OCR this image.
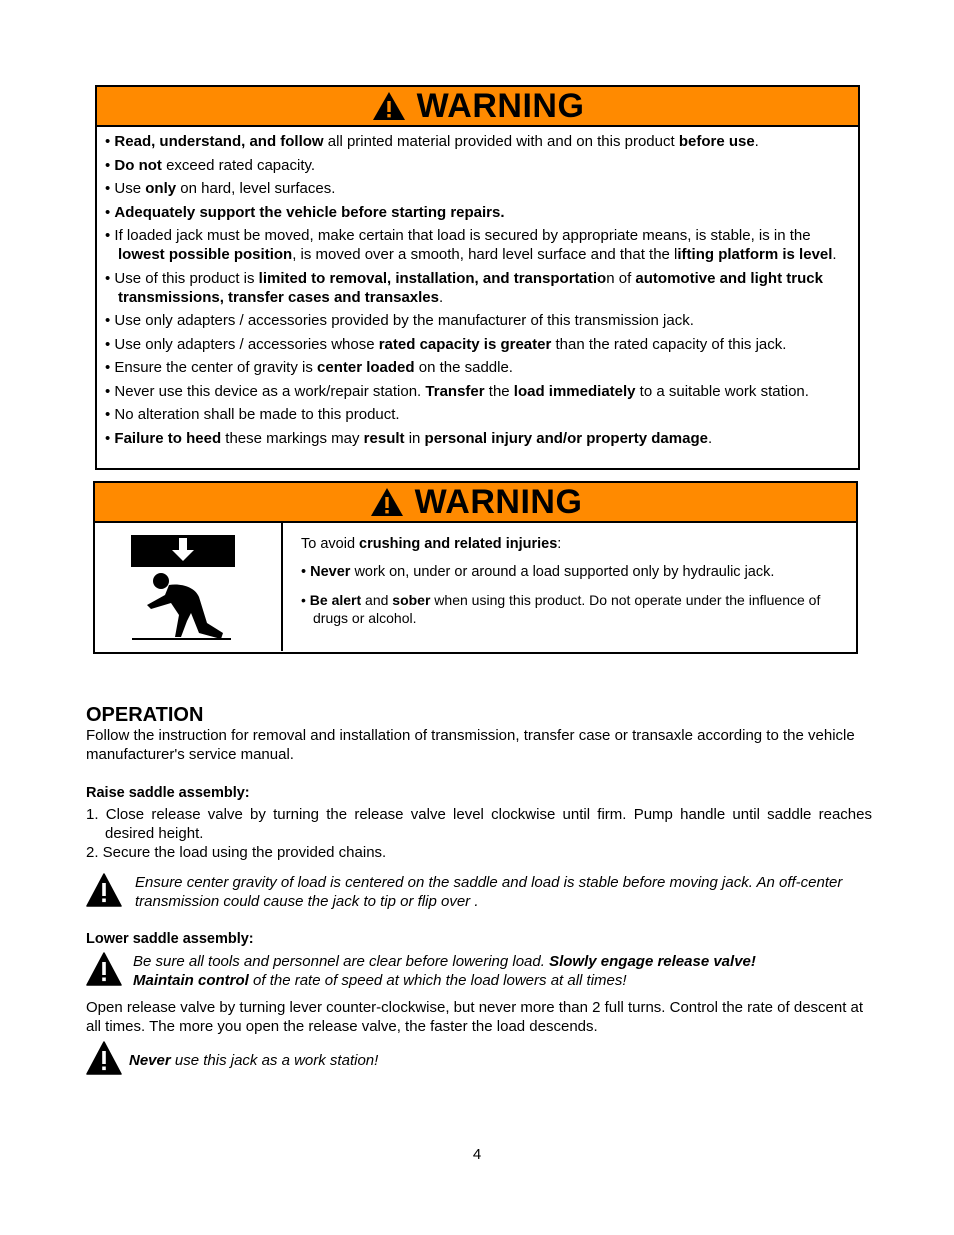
WARNING
• Read, understand, and follow all printed material provided with and on this product before use.
• Do not exceed rated capacity.
• Use only on hard, level surfaces.
• Adequately support the vehicle before starting repairs.
• If loaded jack must be moved, make certain that load is secured by appropriate means, is stable, is in the lowest possible position, is moved over a smooth, hard level surface and that the lifting platform is level.
• Use of this product is limited to removal, installation, and transportation of automotive and light truck transmissions, transfer cases and transaxles.
• Use only adapters / accessories provided by the manufacturer of this transmission jack.
• Use only adapters / accessories whose rated capacity is greater than the rated capacity of this jack.
• Ensure the center of gravity is center loaded on the saddle.
• Never use this device as a work/repair station. Transfer the load immediately to a suitable work station.
• No alteration shall be made to this product.
• Failure to heed these markings may result in personal injury and/or property damage.
WARNING

To avoid crushing and related injuries:

• Never work on, under or around a load supported only by hydraulic jack.

• Be alert and sober when using this product. Do not operate under the influence of drugs or alcohol.

OPERATION
Follow the instruction for removal and installation of transmission, transfer case or transaxle according to the vehicle manufacturer's service manual.
Raise saddle assembly:
1. Close release valve by turning the release valve level clockwise until firm. Pump handle until saddle reaches desired height.
2. Secure the load using the provided chains.
Ensure center gravity of load is centered on the saddle and load is stable before moving jack. An off-center transmission could cause the jack to tip or flip over .
Lower saddle assembly:
Be sure all tools and personnel are clear before lowering load. Slowly engage release valve!
Maintain control of the rate of speed at which the load lowers at all times!
Open release valve by turning lever counter-clockwise, but never more than 2 full turns. Control the rate of descent at all times. The more you open the release valve, the faster the load descends.
Never use this jack as a work station!
4
